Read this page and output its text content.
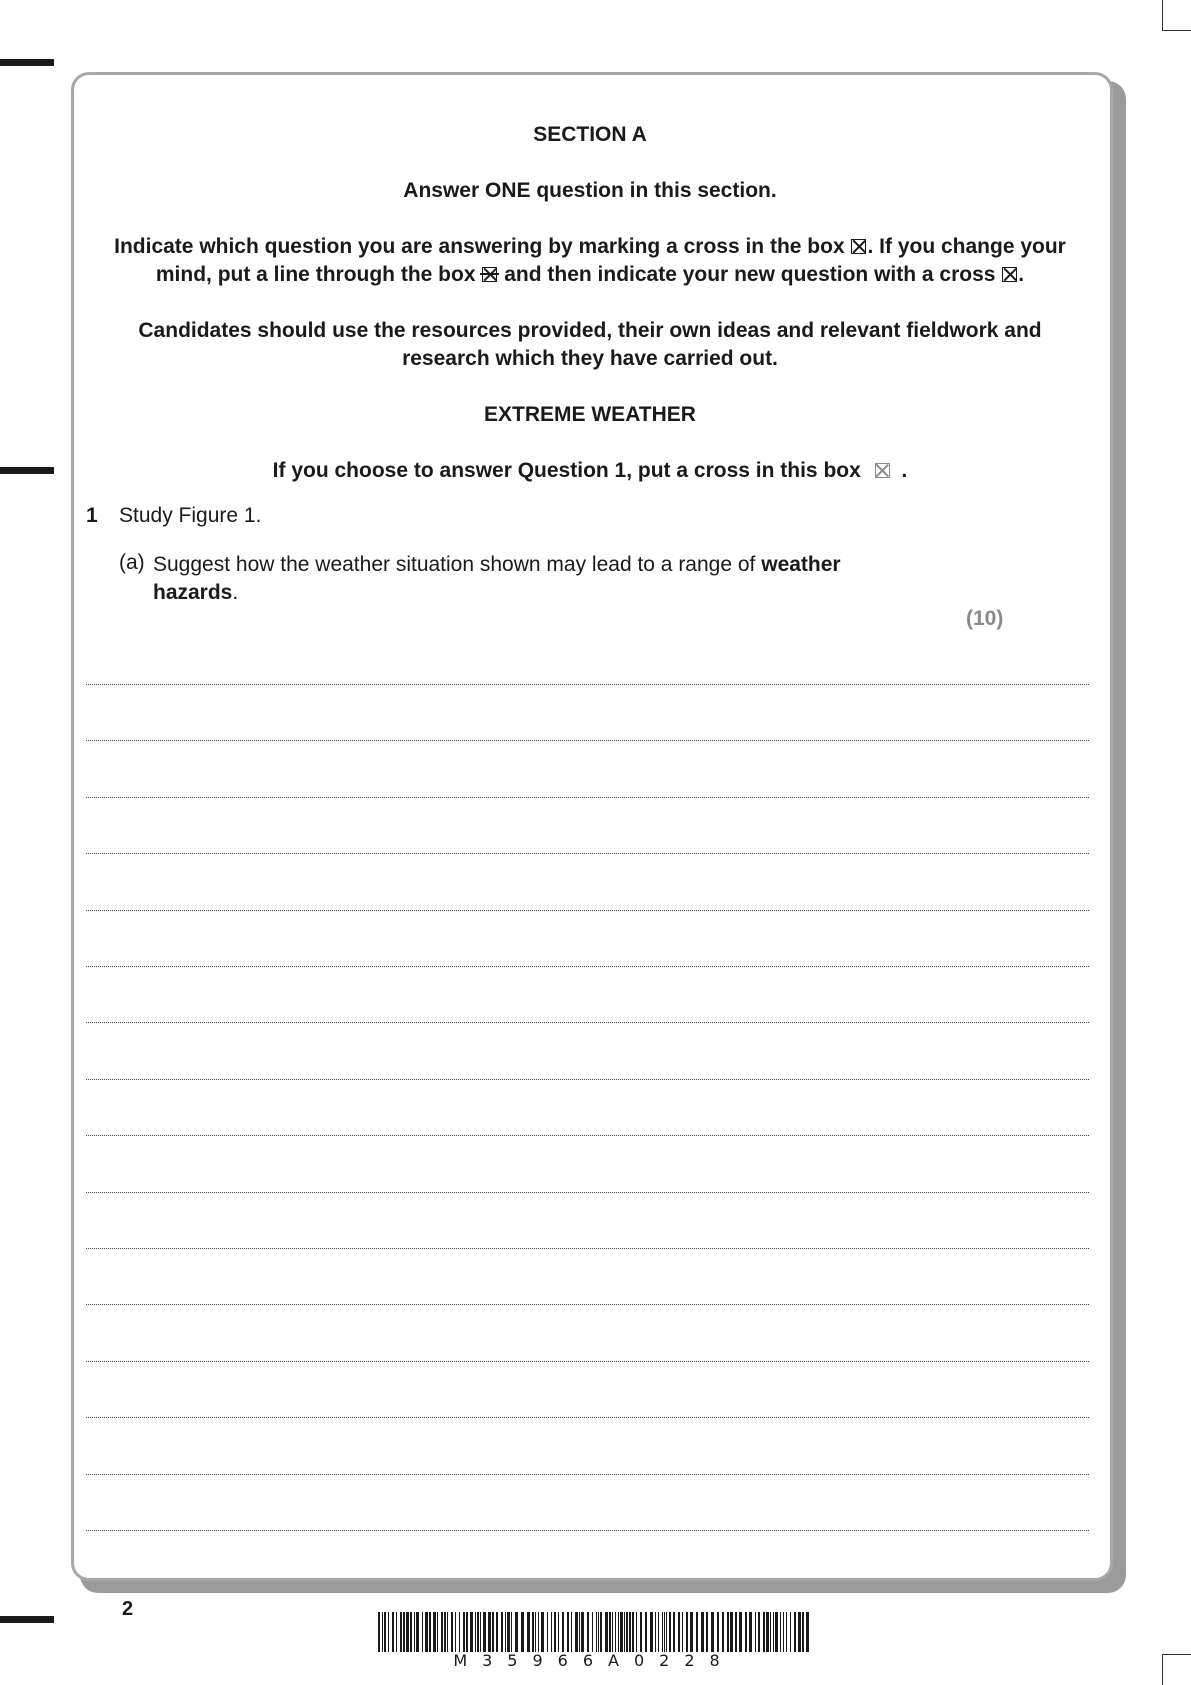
SECTION A
Answer ONE question in this section.
Indicate which question you are answering by marking a cross in the box ☒. If you change your
mind, put a line through the box and then indicate your new question with a cross ☒.
Candidates should use the resources provided, their own ideas and relevant fieldwork and
research which they have carried out.
EXTREME WEATHER
If you choose to answer Question 1, put a cross in this box .
1 Study Figure 1.
(a) Suggest how the weather situation shown may lead to a range of weather
hazards.
(10)
2
M35966A0228
